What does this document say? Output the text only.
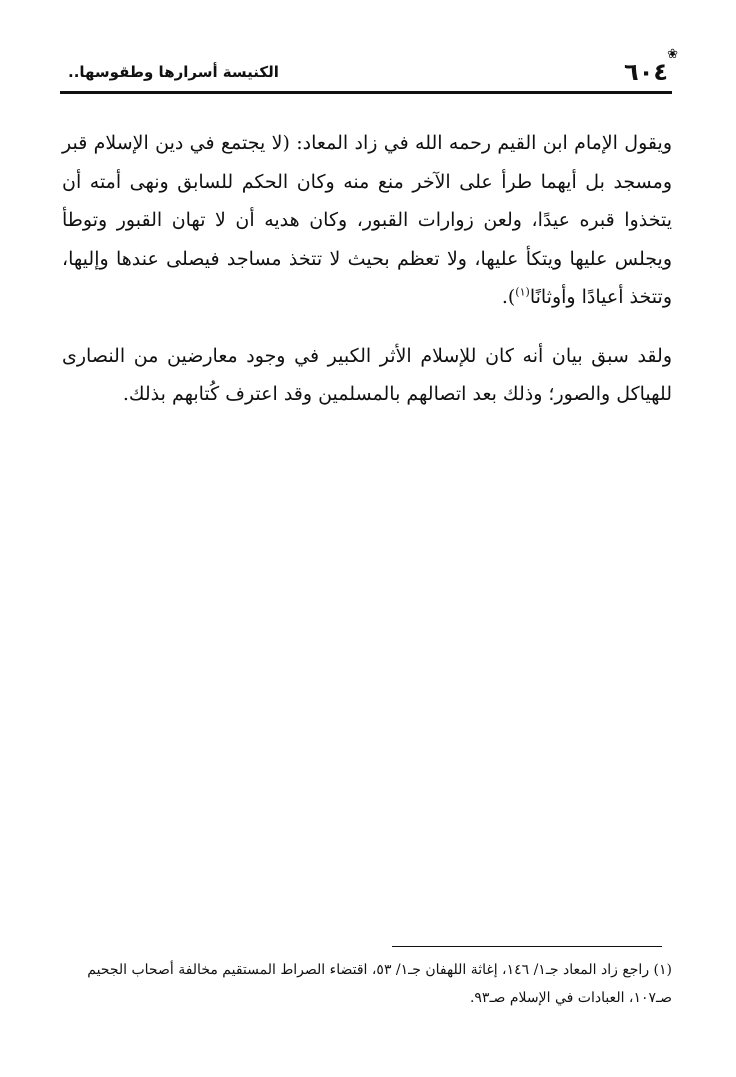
❀
٦٠٤
الكنيسة أسرارها وطقوسها..

ويقول الإمام ابن القيم رحمه الله في زاد المعاد: (لا يجتمع في دين الإسلام قبر ومسجد بل أيهما طرأ على الآخر منع منه وكان الحكم للسابق ونهى أمته أن يتخذوا قبره عيدًا، ولعن زوارات القبور، وكان هديه أن لا تهان القبور وتوطأ ويجلس عليها ويتكأ عليها، ولا تعظم بحيث لا تتخذ مساجد فيصلى عندها وإليها، وتتخذ أعيادًا وأوثانًا$^{(١)}$).

ولقد سبق بيان أنه كان للإسلام الأثر الكبير في وجود معارضين من النصارى للهياكل والصور؛ وذلك بعد اتصالهم بالمسلمين وقد اعترف كُتابهم بذلك.

(١) راجع زاد المعاد جـ١/ ١٤٦، إغاثة اللهفان جـ١/ ٥٣، اقتضاء الصراط المستقيم مخالفة أصحاب الجحيم صـ١٠٧، العبادات في الإسلام صـ٩٣.
